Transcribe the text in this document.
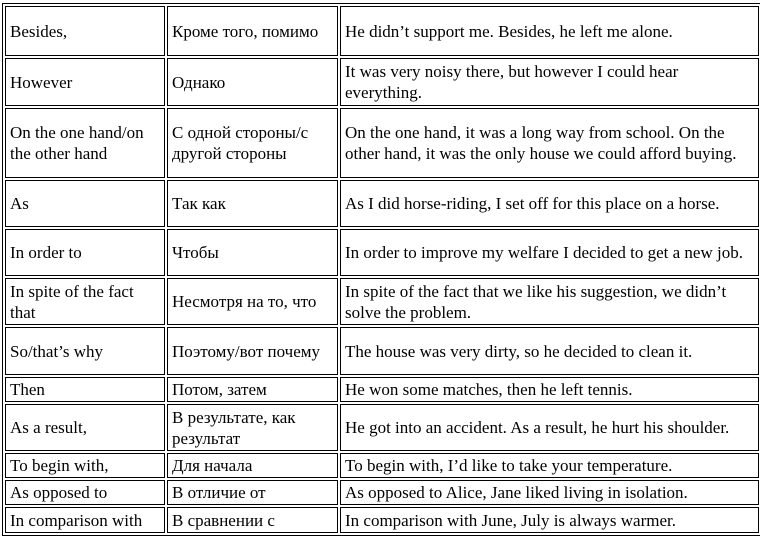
Besides,	Кроме того, помимо	He didn’t support me. Besides, he left me alone.
However	Однако	It was very noisy there, but however I could hear everything.
On the one hand/on the other hand	С одной стороны/с другой стороны	On the one hand, it was a long way from school. On the other hand, it was the only house we could afford buying.
As	Так как	As I did horse-riding, I set off for this place on a horse.
In order to	Чтобы	In order to improve my welfare I decided to get a new job.
In spite of the fact that	Несмотря на то, что	In spite of the fact that we like his suggestion, we didn’t solve the problem.
So/that’s why	Поэтому/вот почему	The house was very dirty, so he decided to clean it.
Then	Потом, затем	He won some matches, then he left tennis.
As a result,	В результате, как результат	He got into an accident. As a result, he hurt his shoulder.
To begin with,	Для начала	To begin with, I’d like to take your temperature.
As opposed to	В отличие от	As opposed to Alice, Jane liked living in isolation.
In comparison with	В сравнении с	In comparison with June, July is always warmer.
